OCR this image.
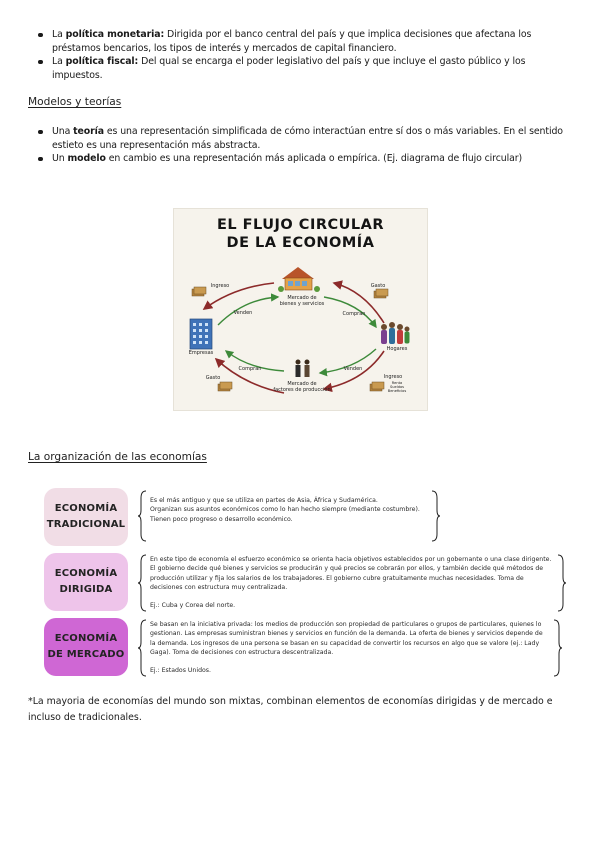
La política monetaria: Dirigida por el banco central del país y que implica decisiones que afectana los préstamos bencarios, los tipos de interés y mercados de capital financiero.
La política fiscal: Del qual se encarga el poder legislativo del país y que incluye el gasto público y los impuestos.
Modelos y teorías
Una teoría es una representación simplificada de cómo interactúan entre sí dos o más variables. En el sentido estieto es una representación más abstracta.
Un modelo en cambio es una representación más aplicada o empírica. (Ej. diagrama de flujo circular)
EL FLUJO CIRCULAR
DE LA ECONOMÍA
Mercado de
bienes y servicios
Mercado de
factores de producción
Empresas
Hogares
Ingreso	Gasto
Venden	Compran
Compran
Gasto
Venden
Ingreso
Renta
Sueldos
Beneficios
La organización de las economías
ECONOMÍA
TRADICIONAL
Es el más antiguo y que se utiliza en partes de Asia, África y Sudamérica.
Organizan sus asuntos económicos como lo han hecho siempre (mediante costumbre).
Tienen poco progreso o desarrollo económico.
ECONOMÍA
DIRIGIDA
En este tipo de economía el esfuerzo económico se orienta hacia objetivos establecidos por un gobernante o una clase dirigente. El gobierno decide qué bienes y servicios se producirán y qué precios se cobrarán por ellos, y también decide qué métodos de producción utilizar y fija los salarios de los trabajadores. El gobierno cubre gratuitamente muchas necesidades. Toma de decisiones con estructura muy centralizada.

Ej.: Cuba y Corea del norte.
ECONOMÍA
DE MERCADO
Se basan en la iniciativa privada: los medios de producción son propiedad de particulares o grupos de particulares, quienes lo gestionan. Las empresas suministran bienes y servicios en función de la demanda. La oferta de bienes y servicios depende de la demanda. Los ingresos de una persona se basan en su capacidad de convertir los recursos en algo que se valore (ej.: Lady Gaga). Toma de decisiones con estructura descentralizada.

Ej.: Estados Unidos.
*La mayoria de economías del mundo son mixtas, combinan elementos de economías dirigidas y de mercado e incluso de tradicionales.
